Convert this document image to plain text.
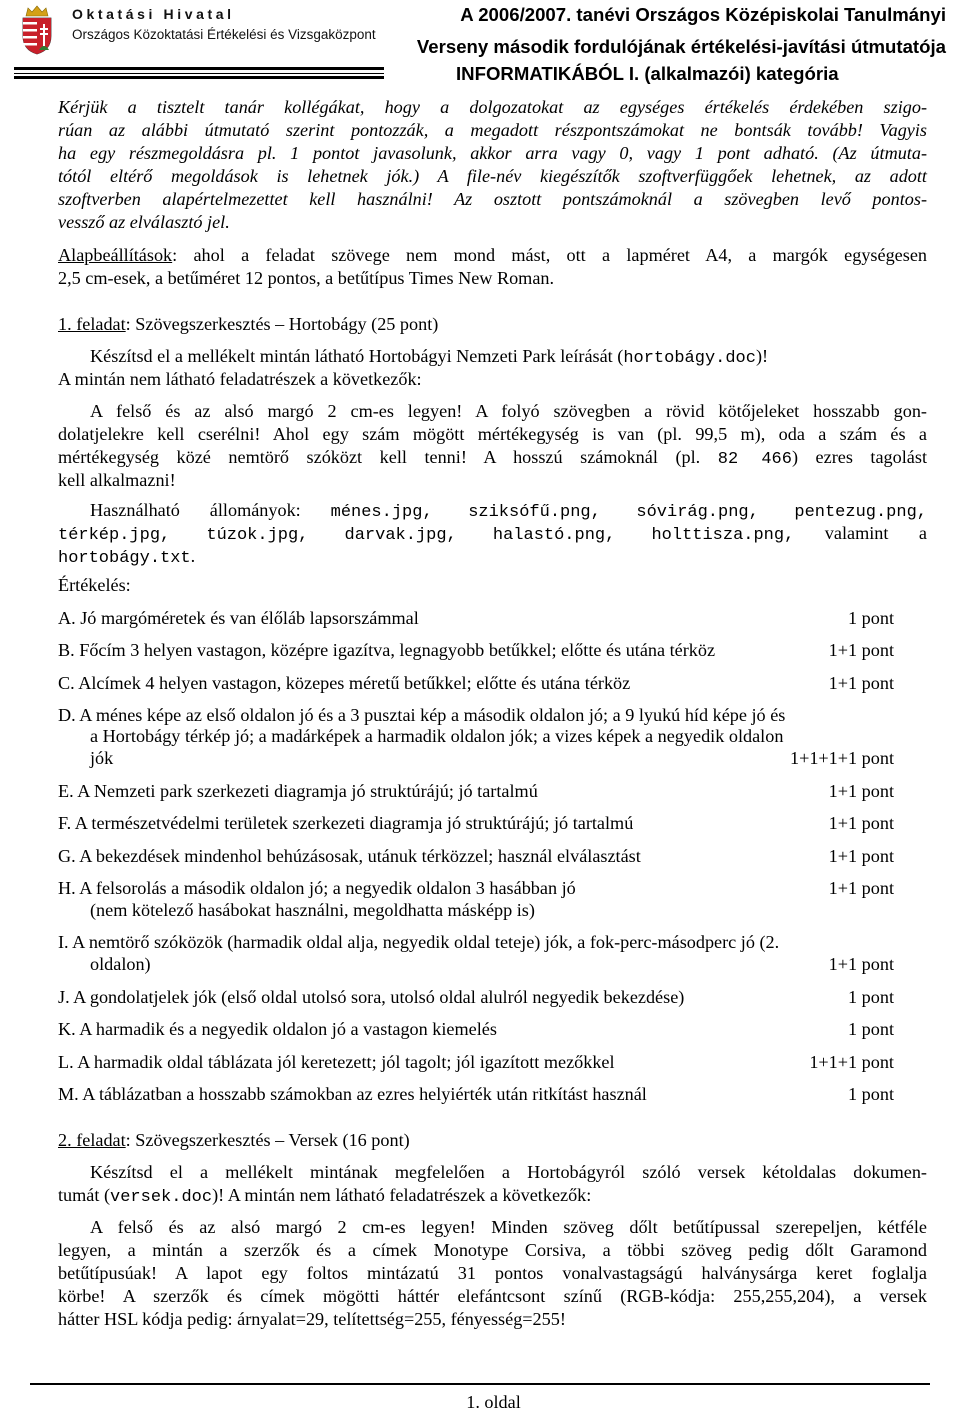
Oktatási Hivatal
Országos Közoktatási Értékelési és Vizsgaközpont
A 2006/2007. tanévi Országos Középiskolai Tanulmányi
Verseny második fordulójának értékelési-javítási útmutatója
INFORMATIKÁBÓL I. (alkalmazói) kategória
Kérjük a tisztelt tanár kollégákat, hogy a dolgozatokat az egységes értékelés érdekében szigo-
rúan az alábbi útmutató szerint pontozzák, a megadott részpontszámokat ne bontsák tovább! Vagyis
ha egy részmegoldásra pl. 1 pontot javasolunk, akkor arra vagy 0, vagy 1 pont adható. (Az útmuta-
tótól eltérő megoldások is lehetnek jók.) A file-név kiegészítők szoftverfüggőek lehetnek, az adott
szoftverben alapértelmezettet kell használni! Az osztott pontszámoknál a szövegben levő pontos-
vessző az elválasztó jel.
Alapbeállítások: ahol a feladat szövege nem mond mást, ott a lapméret A4, a margók egységesen
2,5 cm-esek, a betűméret 12 pontos, a betűtípus Times New Roman.
1. feladat: Szövegszerkesztés – Hortobágy (25 pont)
Készítsd el a mellékelt mintán látható Hortobágyi Nemzeti Park leírását (hortobágy.doc)!
A mintán nem látható feladatrészek a következők:
A felső és az alsó margó 2 cm-es legyen! A folyó szövegben a rövid kötőjeleket hosszabb gon-
dolatjelekre kell cserélni! Ahol egy szám mögött mértékegység is van (pl. 99,5 m), oda a szám és a
mértékegység közé nemtörő szóközt kell tenni! A hosszú számoknál (pl. 82 466) ezres tagolást
kell alkalmazni!
Használható állományok: ménes.jpg, sziksófű.png, sóvirág.png, pentezug.png,
térkép.jpg, túzok.jpg, darvak.jpg, halastó.png, holttisza.png, valamint a
hortobágy.txt.
Értékelés:
A. Jó margóméretek és van élőláb lapsorszámmal	1 pont
B. Főcím 3 helyen vastagon, középre igazítva, legnagyobb betűkkel; előtte és utána térköz	1+1 pont
C. Alcímek 4 helyen vastagon, közepes méretű betűkkel; előtte és utána térköz	1+1 pont
D. A ménes képe az első oldalon jó és a 3 pusztai kép a második oldalon jó; a 9 lyukú híd képe jó és
a Hortobágy térkép jó; a madárképek a harmadik oldalon jók; a vizes képek a negyedik oldalon
jók	1+1+1+1 pont
E. A Nemzeti park szerkezeti diagramja jó struktúrájú; jó tartalmú	1+1 pont
F. A természetvédelmi területek szerkezeti diagramja jó struktúrájú; jó tartalmú	1+1 pont
G. A bekezdések mindenhol behúzásosak, utánuk térközzel; használ elválasztást	1+1 pont
H. A felsorolás a második oldalon jó; a negyedik oldalon 3 hasábban jó	1+1 pont
(nem kötelező hasábokat használni, megoldhatta másképp is)
I. A nemtörő szóközök (harmadik oldal alja, negyedik oldal teteje) jók, a fok-perc-másodperc jó (2.
oldalon)	1+1 pont
J. A gondolatjelek jók (első oldal utolsó sora, utolsó oldal alulról negyedik bekezdése)	1 pont
K. A harmadik és a negyedik oldalon jó a vastagon kiemelés	1 pont
L. A harmadik oldal táblázata jól keretezett; jól tagolt; jól igazított mezőkkel	1+1+1 pont
M. A táblázatban a hosszabb számokban az ezres helyiérték után ritkítást használ	1 pont
2. feladat: Szövegszerkesztés – Versek (16 pont)
Készítsd el a mellékelt mintának megfelelően a Hortobágyról szóló versek kétoldalas dokumen-
tumát (versek.doc)! A mintán nem látható feladatrészek a következők:
A felső és az alsó margó 2 cm-es legyen! Minden szöveg dőlt betűtípussal szerepeljen, kétféle
legyen, a mintán a szerzők és a címek Monotype Corsiva, a többi szöveg pedig dőlt Garamond
betűtípusúak! A lapot egy foltos mintázatú 31 pontos vonalvastagságú halványsárga keret foglalja
körbe! A szerzők és címek mögötti háttér elefántcsont színű (RGB-kódja: 255,255,204), a versek
hátter HSL kódja pedig: árnyalat=29, telítettség=255, fényesség=255!
1. oldal
